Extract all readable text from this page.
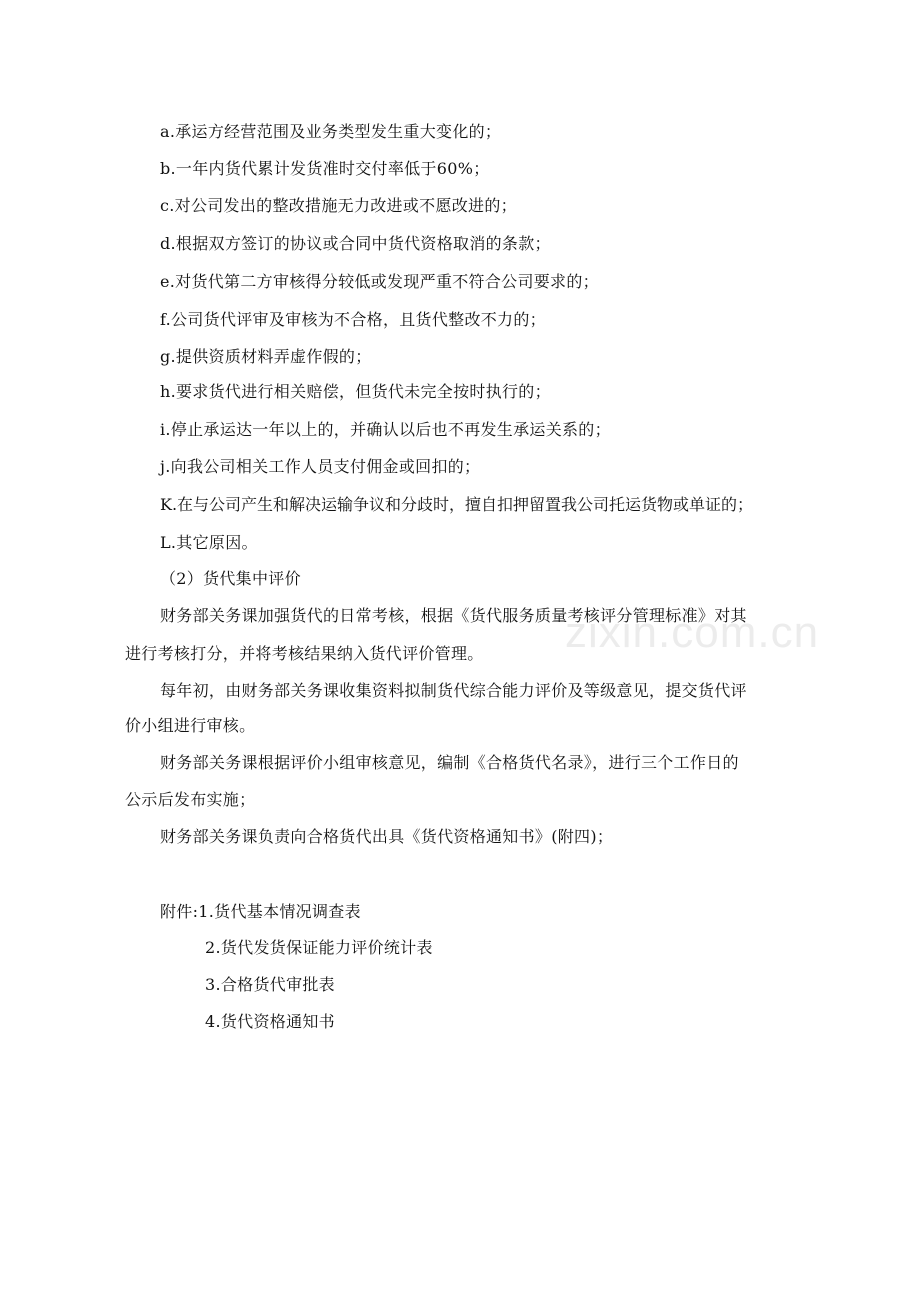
zixin.com.cn
a.承运方经营范围及业务类型发生重大变化的；
b.一年内货代累计发货准时交付率低于60%；
c.对公司发出的整改措施无力改进或不愿改进的；
d.根据双方签订的协议或合同中货代资格取消的条款；
e.对货代第二方审核得分较低或发现严重不符合公司要求的；
f.公司货代评审及审核为不合格，且货代整改不力的；
g.提供资质材料弄虚作假的；
h.要求货代进行相关赔偿，但货代未完全按时执行的；
i.停止承运达一年以上的，并确认以后也不再发生承运关系的；
j.向我公司相关工作人员支付佣金或回扣的；
K.在与公司产生和解决运输争议和分歧时，擅自扣押留置我公司托运货物或单证的；
L.其它原因。
（2）货代集中评价
财务部关务课加强货代的日常考核，根据《货代服务质量考核评分管理标准》对其
进行考核打分，并将考核结果纳入货代评价管理。
每年初，由财务部关务课收集资料拟制货代综合能力评价及等级意见，提交货代评
价小组进行审核。
财务部关务课根据评价小组审核意见，编制《合格货代名录》，进行三个工作日的
公示后发布实施；
财务部关务课负责向合格货代出具《货代资格通知书》(附四)；
附件: 1.货代基本情况调查表
2.货代发货保证能力评价统计表
3.合格货代审批表
4.货代资格通知书
